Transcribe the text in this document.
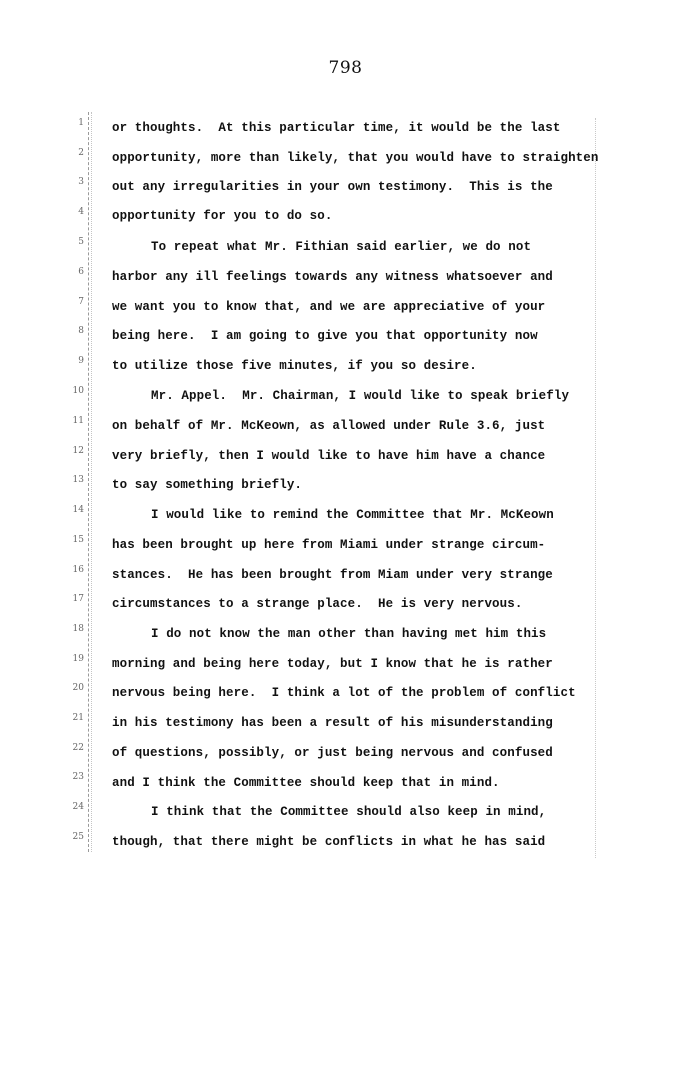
798
1
2
3
4
5
6
7
8
9
10
11
12
13
14
15
16
17
18
19
20
21
22
23
24
25
or thoughts.  At this particular time, it would be the last
opportunity, more than likely, that you would have to straighten
out any irregularities in your own testimony.  This is the
opportunity for you to do so.
To repeat what Mr. Fithian said earlier, we do not
harbor any ill feelings towards any witness whatsoever and
we want you to know that, and we are appreciative of your
being here.  I am going to give you that opportunity now
to utilize those five minutes, if you so desire.
Mr. Appel.  Mr. Chairman, I would like to speak briefly
on behalf of Mr. McKeown, as allowed under Rule 3.6, just
very briefly, then I would like to have him have a chance
to say something briefly.
I would like to remind the Committee that Mr. McKeown
has been brought up here from Miami under strange circum-
stances.  He has been brought from Miam under very strange
circumstances to a strange place.  He is very nervous.
I do not know the man other than having met him this
morning and being here today, but I know that he is rather
nervous being here.  I think a lot of the problem of conflict
in his testimony has been a result of his misunderstanding
of questions, possibly, or just being nervous and confused
and I think the Committee should keep that in mind.
I think that the Committee should also keep in mind,
though, that there might be conflicts in what he has said
